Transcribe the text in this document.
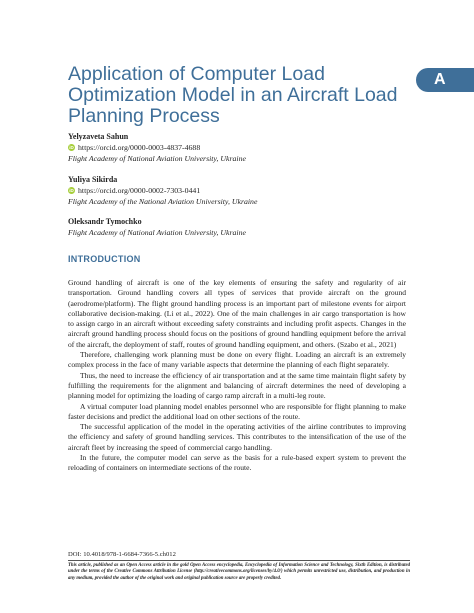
A
Application of Computer Load Optimization Model in an Aircraft Load Planning Process
Yelyzaveta Sahun
iD https://orcid.org/0000-0003-4837-4688
Flight Academy of National Aviation University, Ukraine
Yuliya Sikirda
iD https://orcid.org/0000-0002-7303-0441
Flight Academy of the National Aviation University, Ukraine
Oleksandr Tymochko
Flight Academy of National Aviation University, Ukraine
INTRODUCTION

Ground handling of aircraft is one of the key elements of ensuring the safety and regularity of air transportation. Ground handling covers all types of services that provide aircraft on the ground (aerodrome/platform). The flight ground handling process is an important part of milestone events for airport collaborative decision-making. (Li et al., 2022). One of the main challenges in air cargo transportation is how to assign cargo in an aircraft without exceeding safety constraints and including profit aspects. Changes in the aircraft ground handling process should focus on the positions of ground handling equipment before the arrival of the aircraft, the deployment of staff, routes of ground handling equipment, and others. (Szabo et al., 2021)

Therefore, challenging work planning must be done on every flight. Loading an aircraft is an extremely complex process in the face of many variable aspects that determine the planning of each flight separately.

Thus, the need to increase the efficiency of air transportation and at the same time maintain flight safety by fulfilling the requirements for the alignment and balancing of aircraft determines the need of developing a planning model for optimizing the loading of cargo ramp aircraft in a multi-leg route.

A virtual computer load planning model enables personnel who are responsible for flight planning to make faster decisions and predict the additional load on other sections of the route.

The successful application of the model in the operating activities of the airline contributes to improving the efficiency and safety of ground handling services. This contributes to the intensification of the use of the aircraft fleet by increasing the speed of commercial cargo handling.

In the future, the computer model can serve as the basis for a rule-based expert system to prevent the reloading of containers on intermediate sections of the route.

DOI: 10.4018/978-1-6684-7366-5.ch012
This article, published as an Open Access article in the gold Open Access encyclopedia, Encyclopedia of Information Science and Technology, Sixth Edition, is distributed under the terms of the Creative Commons Attribution License (http://creativecommons.org/licenses/by/4.0/) which permits unrestricted use, distribution, and production in any medium, provided the author of the original work and original publication source are properly credited.
